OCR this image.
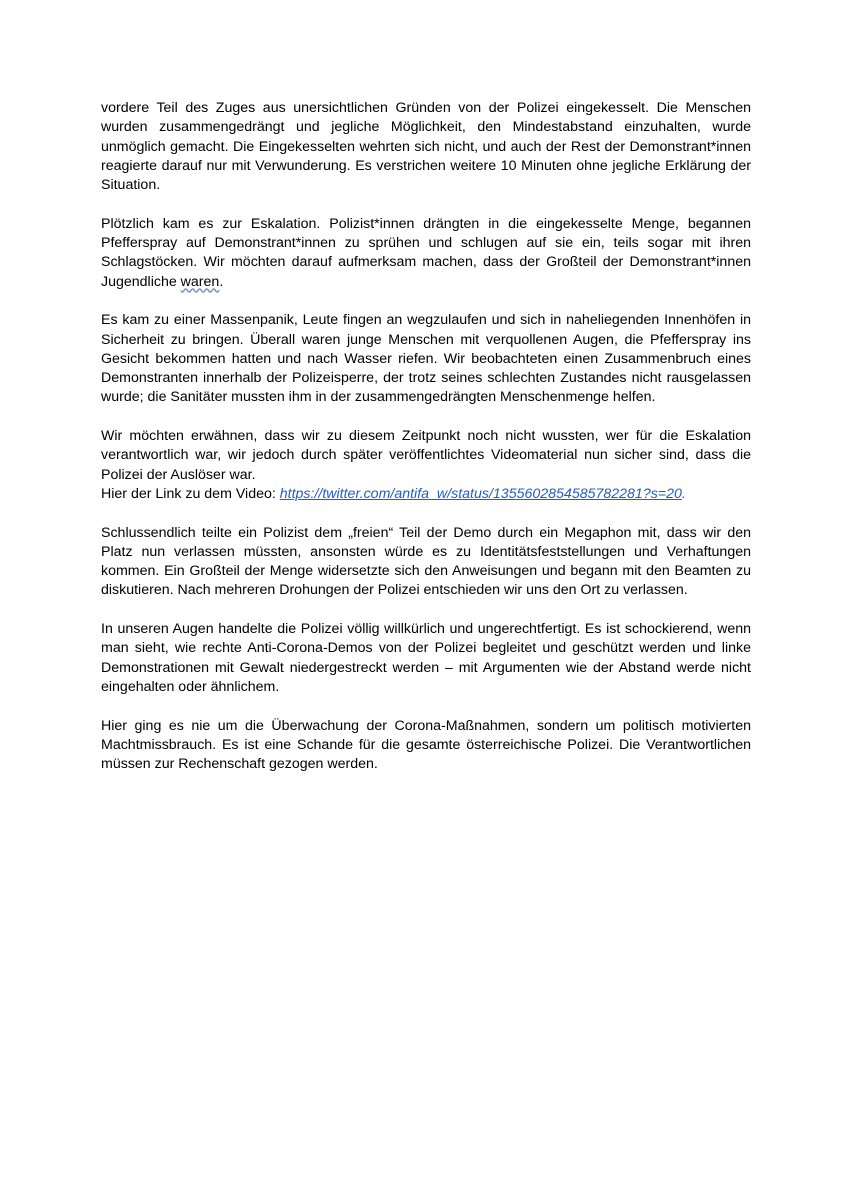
vordere Teil des Zuges aus unersichtlichen Gründen von der Polizei eingekesselt. Die Menschen wurden zusammengedrängt und jegliche Möglichkeit, den Mindestabstand einzuhalten, wurde unmöglich gemacht. Die Eingekesselten wehrten sich nicht, und auch der Rest der Demonstrant*innen reagierte darauf nur mit Verwunderung. Es verstrichen weitere 10 Minuten ohne jegliche Erklärung der Situation.

Plötzlich kam es zur Eskalation. Polizist*innen drängten in die eingekesselte Menge, begannen Pfefferspray auf Demonstrant*innen zu sprühen und schlugen auf sie ein, teils sogar mit ihren Schlagstöcken. Wir möchten darauf aufmerksam machen, dass der Großteil der Demonstrant*innen Jugendliche waren.

Es kam zu einer Massenpanik, Leute fingen an wegzulaufen und sich in naheliegenden Innenhöfen in Sicherheit zu bringen. Überall waren junge Menschen mit verquollenen Augen, die Pfefferspray ins Gesicht bekommen hatten und nach Wasser riefen. Wir beobachteten einen Zusammenbruch eines Demonstranten innerhalb der Polizeisperre, der trotz seines schlechten Zustandes nicht rausgelassen wurde; die Sanitäter mussten ihm in der zusammengedrängten Menschenmenge helfen.

Wir möchten erwähnen, dass wir zu diesem Zeitpunkt noch nicht wussten, wer für die Eskalation verantwortlich war, wir jedoch durch später veröffentlichtes Videomaterial nun sicher sind, dass die Polizei der Auslöser war.

Hier der Link zu dem Video: https://twitter.com/antifa_w/status/1355602854585782281?s=20.

Schlussendlich teilte ein Polizist dem „freien“ Teil der Demo durch ein Megaphon mit, dass wir den Platz nun verlassen müssten, ansonsten würde es zu Identitätsfeststellungen und Verhaftungen kommen. Ein Großteil der Menge widersetzte sich den Anweisungen und begann mit den Beamten zu diskutieren. Nach mehreren Drohungen der Polizei entschieden wir uns den Ort zu verlassen.

In unseren Augen handelte die Polizei völlig willkürlich und ungerechtfertigt. Es ist schockierend, wenn man sieht, wie rechte Anti-Corona-Demos von der Polizei begleitet und geschützt werden und linke Demonstrationen mit Gewalt niedergestreckt werden – mit Argumenten wie der Abstand werde nicht eingehalten oder ähnlichem.

Hier ging es nie um die Überwachung der Corona-Maßnahmen, sondern um politisch motivierten Machtmissbrauch. Es ist eine Schande für die gesamte österreichische Polizei. Die Verantwortlichen müssen zur Rechenschaft gezogen werden.
